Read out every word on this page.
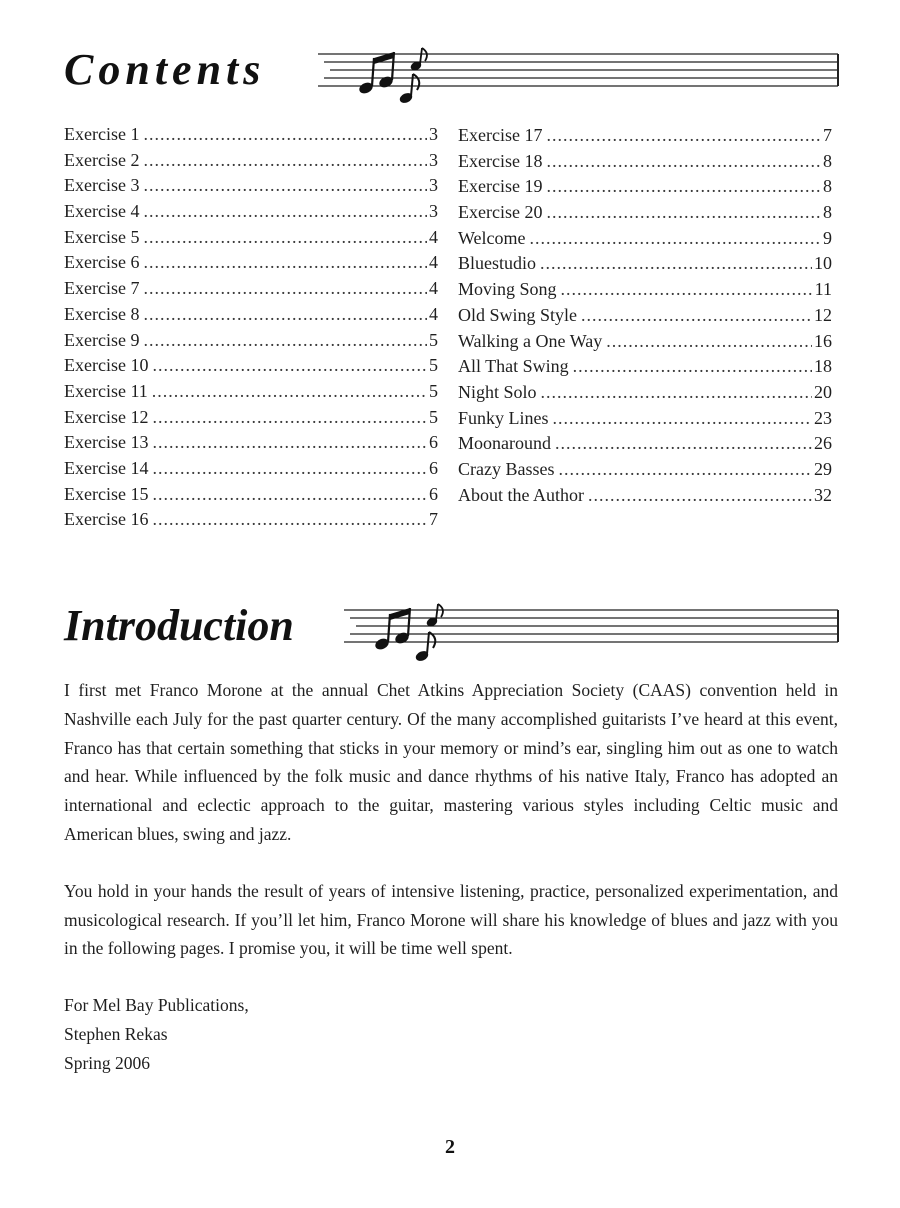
Contents
Exercise 1 .....	3
Exercise 2 .....	3
Exercise 3 .....	3
Exercise 4 .....	3
Exercise 5 .....	4
Exercise 6 .....	4
Exercise 7 .....	4
Exercise 8 .....	4
Exercise 9 .....	5
Exercise 10 .....	5
Exercise 11 .....	5
Exercise 12 .....	5
Exercise 13 .....	6
Exercise 14 .....	6
Exercise 15 .....	6
Exercise 16 .....	7
Exercise 17 .....	7
Exercise 18 .....	8
Exercise 19 .....	8
Exercise 20 .....	8
Welcome .....	9
Bluestudio .....	10
Moving Song .....	11
Old Swing Style .....	12
Walking a One Way .....	16
All That Swing .....	18
Night Solo .....	20
Funky Lines .....	23
Moonaround .....	26
Crazy Basses .....	29
About the Author .....	32
Introduction

I first met Franco Morone at the annual Chet Atkins Appreciation Society (CAAS) convention held in Nashville each July for the past quarter century. Of the many accomplished guitarists I’ve heard at this event, Franco has that certain something that sticks in your memory or mind’s ear, singling him out as one to watch and hear. While influenced by the folk music and dance rhythms of his native Italy, Franco has adopted an international and eclectic approach to the guitar, mastering various styles including Celtic music and American blues, swing and jazz.

You hold in your hands the result of years of intensive listening, practice, personalized experimentation, and musicological research. If you’ll let him, Franco Morone will share his knowledge of blues and jazz with you in the following pages. I promise you, it will be time well spent.

For Mel Bay Publications,
Stephen Rekas
Spring 2006
2
